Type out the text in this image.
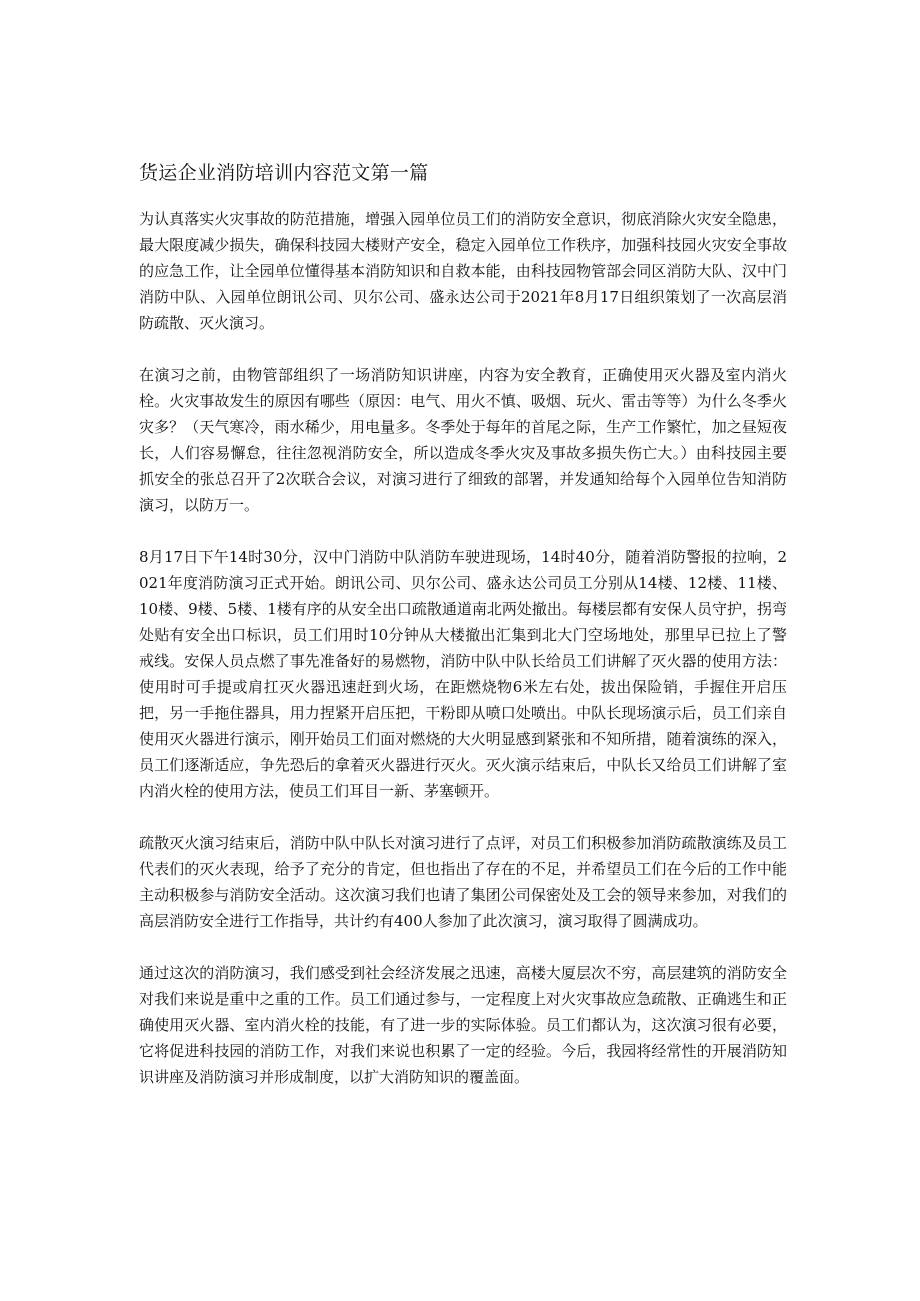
货运企业消防培训内容范文第一篇

为认真落实火灾事故的防范措施，增强入园单位员工们的消防安全意识，彻底消除火灾安全隐患，最大限度减少损失，确保科技园大楼财产安全，稳定入园单位工作秩序，加强科技园火灾安全事故的应急工作，让全园单位懂得基本消防知识和自救本能，由科技园物管部会同区消防大队、汉中门消防中队、入园单位朗讯公司、贝尔公司、盛永达公司于2021年8月17日组织策划了一次高层消防疏散、灭火演习。

在演习之前，由物管部组织了一场消防知识讲座，内容为安全教育，正确使用灭火器及室内消火栓。火灾事故发生的原因有哪些（原因：电气、用火不慎、吸烟、玩火、雷击等等）为什么冬季火灾多？（天气寒冷，雨水稀少，用电量多。冬季处于每年的首尾之际，生产工作繁忙，加之昼短夜长，人们容易懈怠，往往忽视消防安全，所以造成冬季火灾及事故多损失伤亡大。）由科技园主要抓安全的张总召开了2次联合会议，对演习进行了细致的部署，并发通知给每个入园单位告知消防演习，以防万一。

8月17日下午14时30分，汉中门消防中队消防车驶进现场，14时40分，随着消防警报的拉响，2021年度消防演习正式开始。朗讯公司、贝尔公司、盛永达公司员工分别从14楼、12楼、11楼、10楼、9楼、5楼、1楼有序的从安全出口疏散通道南北两处撤出。每楼层都有安保人员守护，拐弯处贴有安全出口标识，员工们用时10分钟从大楼撤出汇集到北大门空场地处，那里早已拉上了警戒线。安保人员点燃了事先准备好的易燃物，消防中队中队长给员工们讲解了灭火器的使用方法：使用时可手提或肩扛灭火器迅速赶到火场，在距燃烧物6米左右处，拔出保险销，手握住开启压把，另一手拖住器具，用力捏紧开启压把，干粉即从喷口处喷出。中队长现场演示后，员工们亲自使用灭火器进行演示，刚开始员工们面对燃烧的大火明显感到紧张和不知所措，随着演练的深入，员工们逐渐适应，争先恐后的拿着灭火器进行灭火。灭火演示结束后，中队长又给员工们讲解了室内消火栓的使用方法，使员工们耳目一新、茅塞顿开。

疏散灭火演习结束后，消防中队中队长对演习进行了点评，对员工们积极参加消防疏散演练及员工代表们的灭火表现，给予了充分的肯定，但也指出了存在的不足，并希望员工们在今后的工作中能主动积极参与消防安全活动。这次演习我们也请了集团公司保密处及工会的领导来参加，对我们的高层消防安全进行工作指导，共计约有400人参加了此次演习，演习取得了圆满成功。

通过这次的消防演习，我们感受到社会经济发展之迅速，高楼大厦层次不穷，高层建筑的消防安全对我们来说是重中之重的工作。员工们通过参与，一定程度上对火灾事故应急疏散、正确逃生和正确使用灭火器、室内消火栓的技能，有了进一步的实际体验。员工们都认为，这次演习很有必要，它将促进科技园的消防工作，对我们来说也积累了一定的经验。今后，我园将经常性的开展消防知识讲座及消防演习并形成制度，以扩大消防知识的覆盖面。
